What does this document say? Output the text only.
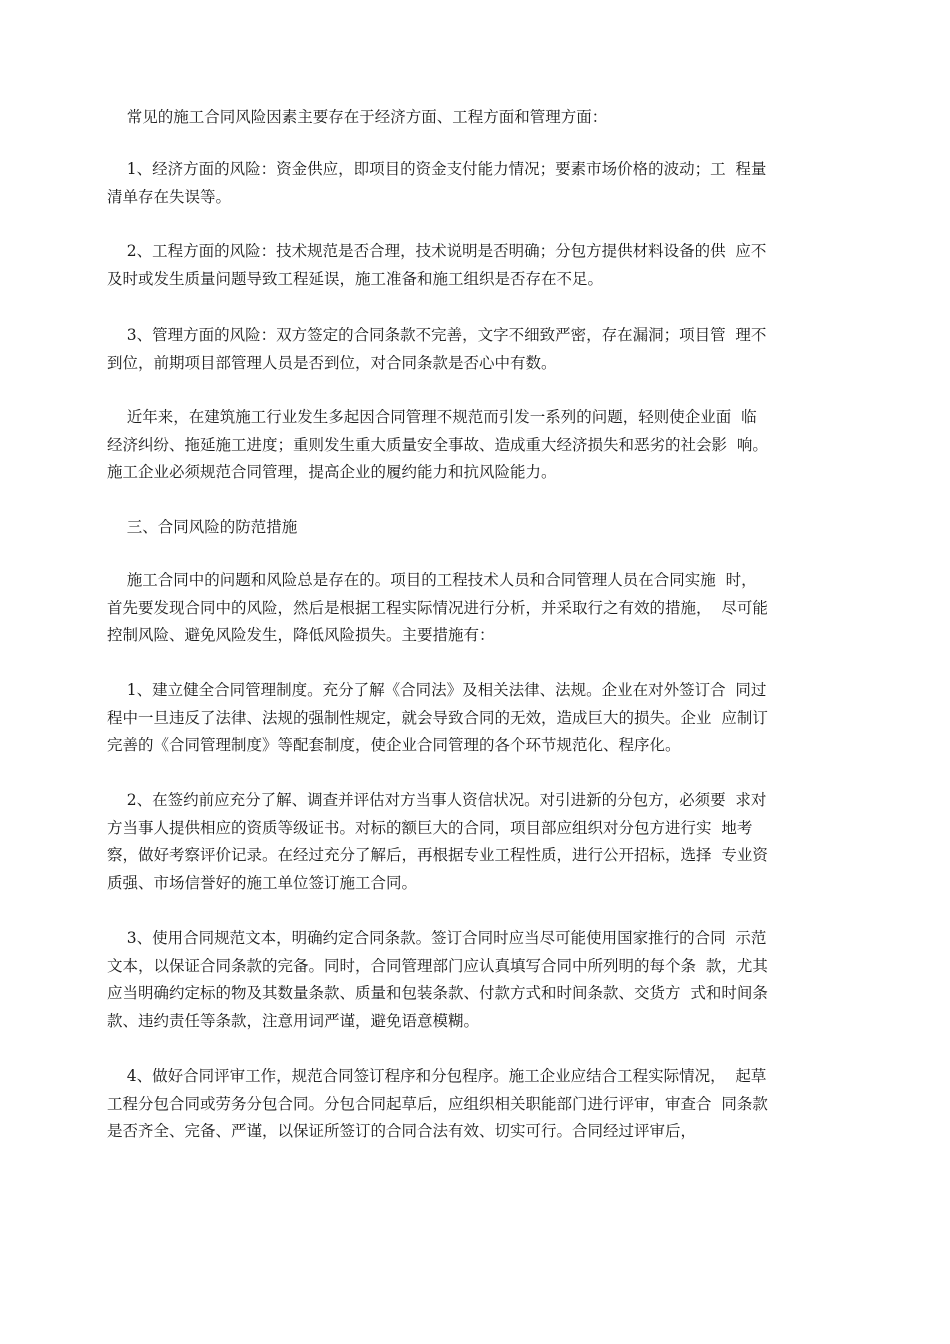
常见的施工合同风险因素主要存在于经济方面、工程方面和管理方面：
1、经济方面的风险：资金供应，即项目的资金支付能力情况；要素市场价格的波动；工  程量
清单存在失误等。
2、工程方面的风险：技术规范是否合理，技术说明是否明确；分包方提供材料设备的供  应不
及时或发生质量问题导致工程延误，施工准备和施工组织是否存在不足。
3、管理方面的风险：双方签定的合同条款不完善，文字不细致严密，存在漏洞；项目管  理不
到位，前期项目部管理人员是否到位，对合同条款是否心中有数。
近年来，在建筑施工行业发生多起因合同管理不规范而引发一系列的问题，轻则使企业面  临
经济纠纷、拖延施工进度；重则发生重大质量安全事故、造成重大经济损失和恶劣的社会影  响。
施工企业必须规范合同管理，提高企业的履约能力和抗风险能力。
三、合同风险的防范措施
施工合同中的问题和风险总是存在的。项目的工程技术人员和合同管理人员在合同实施  时，
首先要发现合同中的风险，然后是根据工程实际情况进行分析，并采取行之有效的措施，  尽可能
控制风险、避免风险发生，降低风险损失。主要措施有：
1、建立健全合同管理制度。充分了解《合同法》及相关法律、法规。企业在对外签订合  同过
程中一旦违反了法律、法规的强制性规定，就会导致合同的无效，造成巨大的损失。企业  应制订
完善的《合同管理制度》等配套制度，使企业合同管理的各个环节规范化、程序化。
2、在签约前应充分了解、调查并评估对方当事人资信状况。对引进新的分包方，必须要  求对
方当事人提供相应的资质等级证书。对标的额巨大的合同，项目部应组织对分包方进行实  地考
察，做好考察评价记录。在经过充分了解后，再根据专业工程性质，进行公开招标，选择  专业资
质强、市场信誉好的施工单位签订施工合同。
3、使用合同规范文本，明确约定合同条款。签订合同时应当尽可能使用国家推行的合同  示范
文本，以保证合同条款的完备。同时，合同管理部门应认真填写合同中所列明的每个条  款，尤其
应当明确约定标的物及其数量条款、质量和包装条款、付款方式和时间条款、交货方  式和时间条
款、违约责任等条款，注意用词严谨，避免语意模糊。
4、做好合同评审工作，规范合同签订程序和分包程序。施工企业应结合工程实际情况，  起草
工程分包合同或劳务分包合同。分包合同起草后，应组织相关职能部门进行评审，审查合  同条款
是否齐全、完备、严谨，以保证所签订的合同合法有效、切实可行。合同经过评审后，
